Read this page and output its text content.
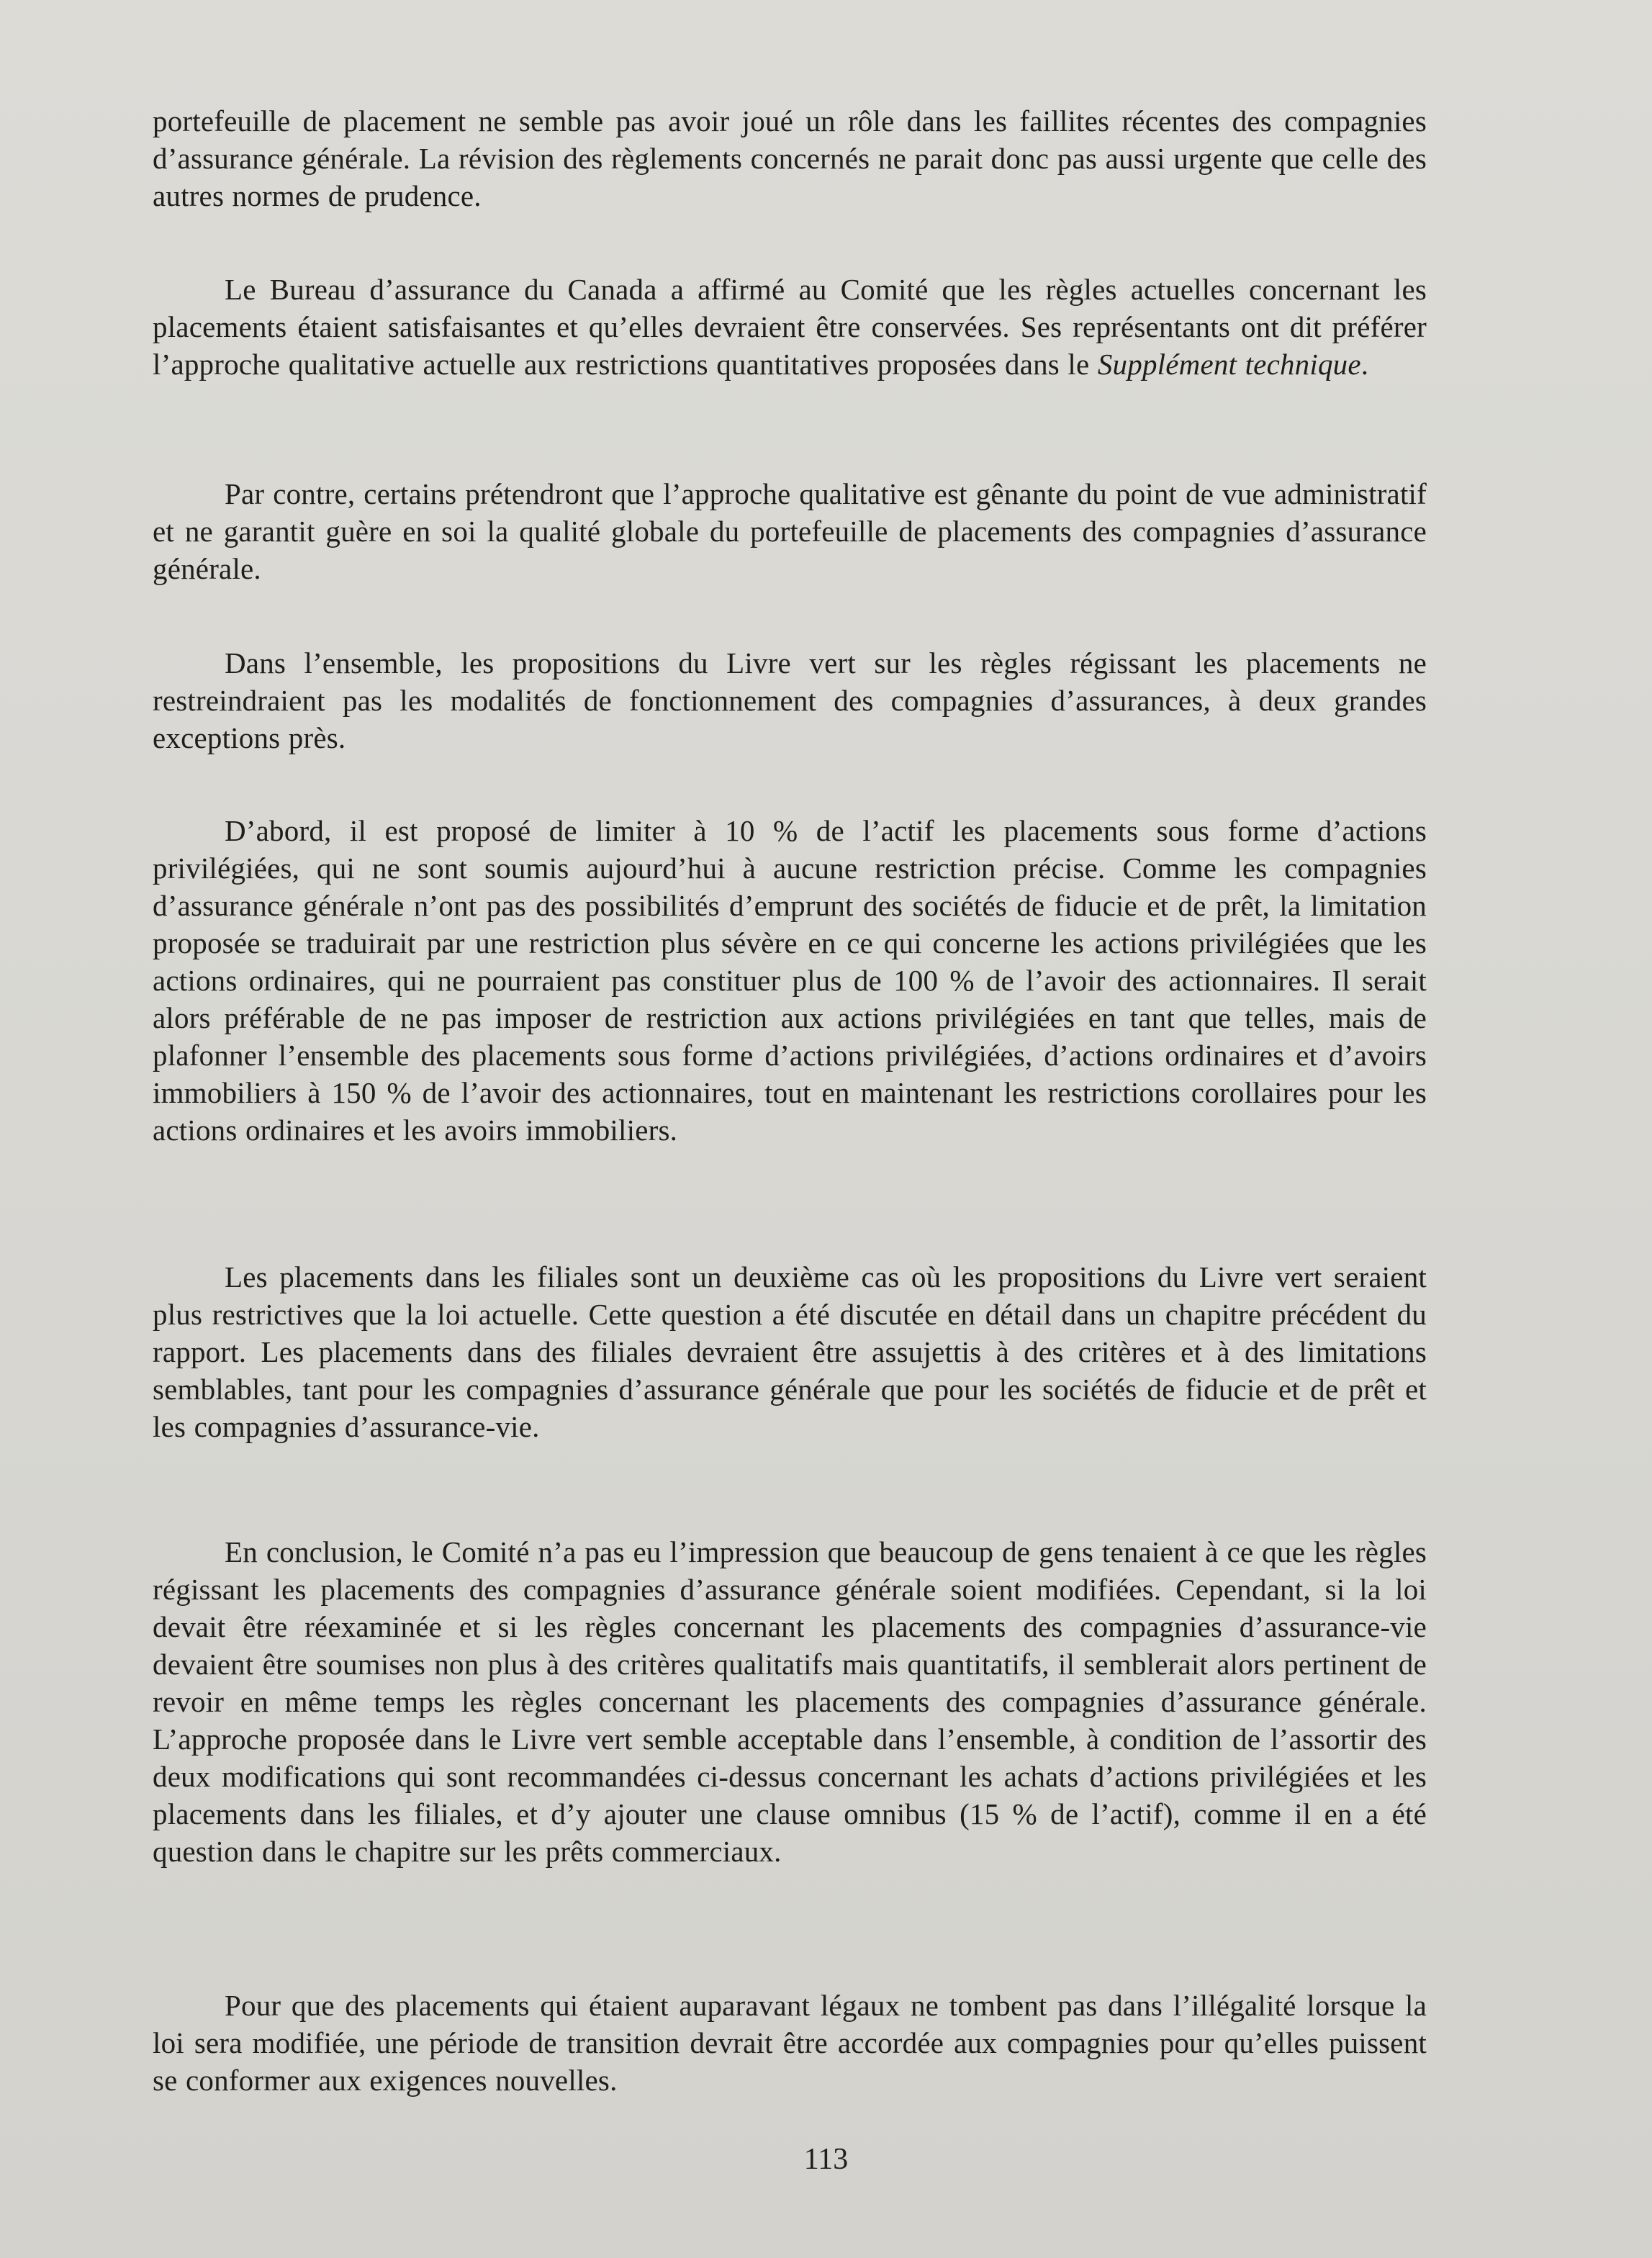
portefeuille de placement ne semble pas avoir joué un rôle dans les faillites récentes des compagnies d’assurance générale. La révision des règlements concernés ne parait donc pas aussi urgente que celle des autres normes de prudence.

Le Bureau d’assurance du Canada a affirmé au Comité que les règles actuelles concernant les placements étaient satisfaisantes et qu’elles devraient être conservées. Ses représentants ont dit préférer l’approche qualitative actuelle aux restrictions quantitatives proposées dans le Supplément technique.

Par contre, certains prétendront que l’approche qualitative est gênante du point de vue administratif et ne garantit guère en soi la qualité globale du portefeuille de placements des compagnies d’assurance générale.

Dans l’ensemble, les propositions du Livre vert sur les règles régissant les placements ne restreindraient pas les modalités de fonctionnement des compagnies d’assurances, à deux grandes exceptions près.

D’abord, il est proposé de limiter à 10 % de l’actif les placements sous forme d’actions privilégiées, qui ne sont soumis aujourd’hui à aucune restriction précise. Comme les compagnies d’assurance générale n’ont pas des possibilités d’emprunt des sociétés de fiducie et de prêt, la limitation proposée se traduirait par une restriction plus sévère en ce qui concerne les actions privilégiées que les actions ordinaires, qui ne pourraient pas constituer plus de 100 % de l’avoir des actionnaires. Il serait alors préférable de ne pas imposer de restriction aux actions privilégiées en tant que telles, mais de plafonner l’ensemble des placements sous forme d’actions privilégiées, d’actions ordinaires et d’avoirs immobiliers à 150 % de l’avoir des actionnaires, tout en maintenant les restrictions corollaires pour les actions ordinaires et les avoirs immobiliers.

Les placements dans les filiales sont un deuxième cas où les propositions du Livre vert seraient plus restrictives que la loi actuelle. Cette question a été discutée en détail dans un chapitre précédent du rapport. Les placements dans des filiales devraient être assujettis à des critères et à des limitations semblables, tant pour les compagnies d’assurance générale que pour les sociétés de fiducie et de prêt et les compagnies d’assurance-vie.

En conclusion, le Comité n’a pas eu l’impression que beaucoup de gens tenaient à ce que les règles régissant les placements des compagnies d’assurance générale soient modifiées. Cependant, si la loi devait être réexaminée et si les règles concernant les placements des compagnies d’assurance-vie devaient être soumises non plus à des critères qualitatifs mais quantitatifs, il semblerait alors pertinent de revoir en même temps les règles concernant les placements des compagnies d’assurance générale. L’approche proposée dans le Livre vert semble acceptable dans l’ensemble, à condition de l’assortir des deux modifications qui sont recommandées ci-dessus concernant les achats d’actions privilégiées et les placements dans les filiales, et d’y ajouter une clause omnibus (15 % de l’actif), comme il en a été question dans le chapitre sur les prêts commerciaux.

Pour que des placements qui étaient auparavant légaux ne tombent pas dans l’illégalité lorsque la loi sera modifiée, une période de transition devrait être accordée aux compagnies pour qu’elles puissent se conformer aux exigences nouvelles.

113
